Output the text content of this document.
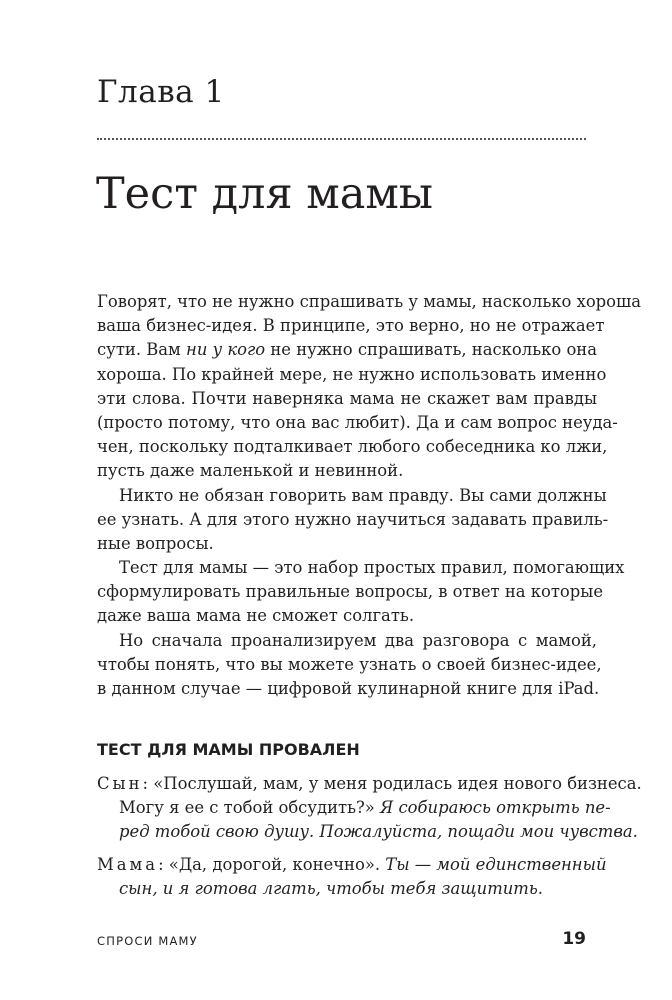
Глава 1
Тест для мамы
Говорят, что не нужно спрашивать у мамы, насколько хороша
ваша бизнес-идея. В принципе, это верно, но не отражает
сути. Вам ни у кого не нужно спрашивать, насколько она
хороша. По крайней мере, не нужно использовать именно
эти слова. Почти наверняка мама не скажет вам правды
(просто потому, что она вас любит). Да и сам вопрос неуда-
чен, поскольку подталкивает любого собеседника ко лжи,
пусть даже маленькой и невинной.
Никто не обязан говорить вам правду. Вы сами должны
ее узнать. А для этого нужно научиться задавать правиль-
ные вопросы.
Тест для мамы — это набор простых правил, помогающих
сформулировать правильные вопросы, в ответ на которые
даже ваша мама не сможет солгать.
Но сначала проанализируем два разговора с мамой,
чтобы понять, что вы можете узнать о своей бизнес-идее,
в данном случае — цифровой кулинарной книге для iPad.
ТЕСТ ДЛЯ МАМЫ ПРОВАЛЕН
Сын: «Послушай, мам, у меня родилась идея нового бизнеса.
Могу я ее с тобой обсудить?» Я собираюсь открыть пе-
ред тобой свою душу. Пожалуйста, пощади мои чувства.
Мама: «Да, дорогой, конечно». Ты — мой единственный
сын, и я готова лгать, чтобы тебя защитить.
СПРОСИ МАМУ	19
